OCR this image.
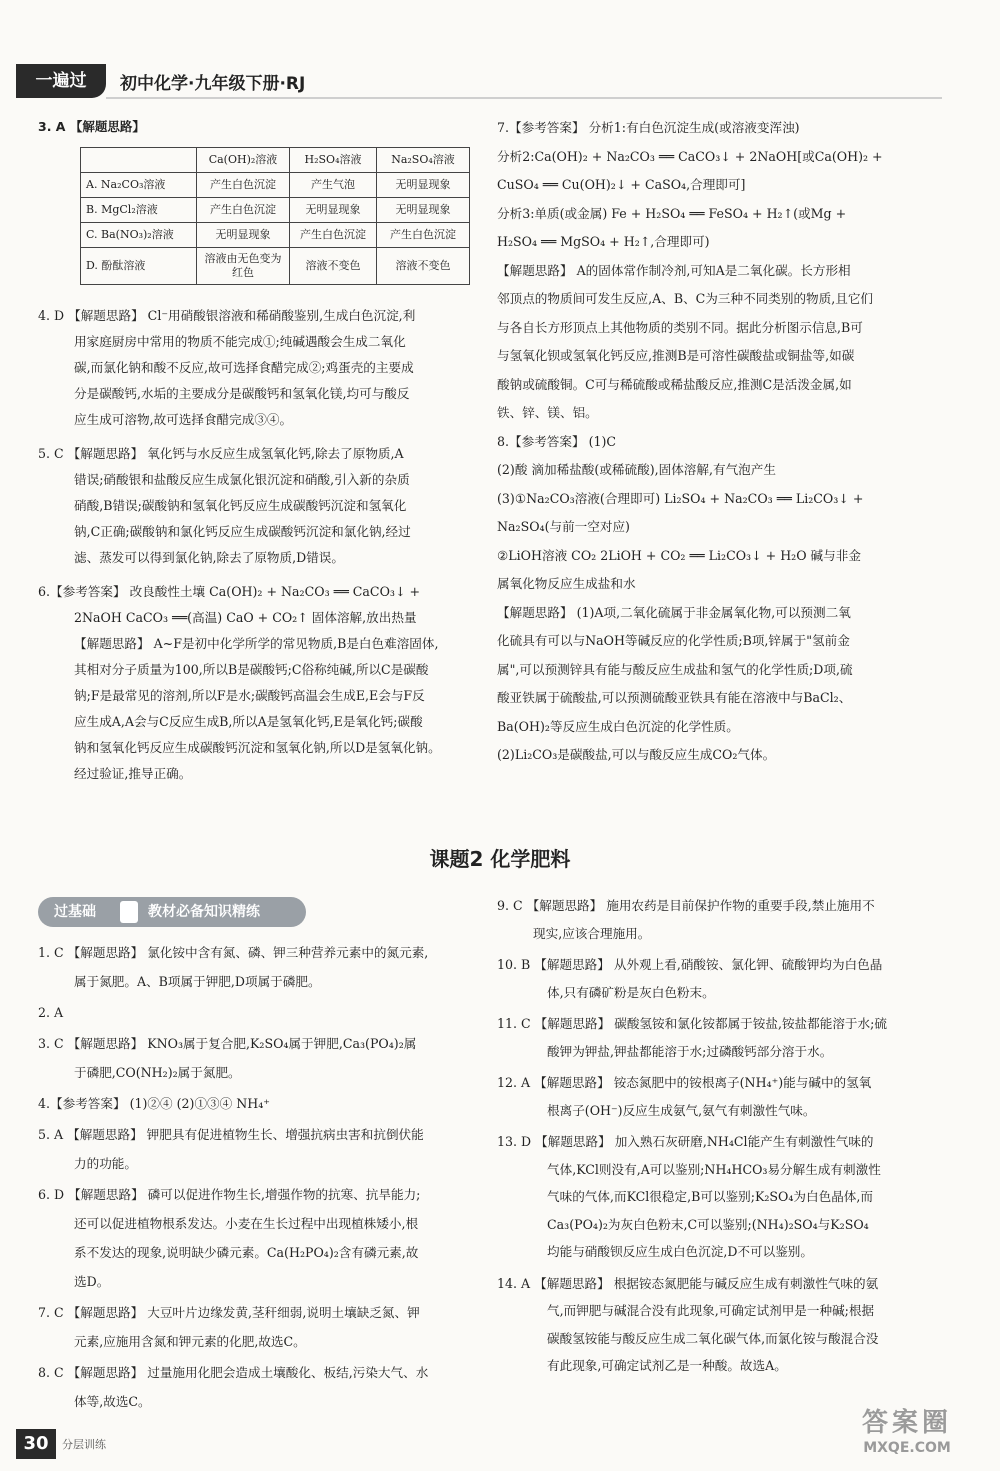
一遍过	初中化学·九年级下册·RJ

3. A 【解题思路】

	Ca(OH)₂溶液	H₂SO₄溶液	Na₂SO₄溶液
A. Na₂CO₃溶液	产生白色沉淀	产生气泡	无明显现象
B. MgCl₂溶液	产生白色沉淀	无明显现象	无明显现象
C. Ba(NO₃)₂溶液	无明显现象	产生白色沉淀	产生白色沉淀
D. 酚酞溶液	溶液由无色变为红色	溶液不变色	溶液不变色

4. D 【解题思路】 Cl⁻用硝酸银溶液和稀硝酸鉴别,生成白色沉淀,利

用家庭厨房中常用的物质不能完成①;纯碱遇酸会生成二氧化

碳,而氯化钠和酸不反应,故可选择食醋完成②;鸡蛋壳的主要成

分是碳酸钙,水垢的主要成分是碳酸钙和氢氧化镁,均可与酸反

应生成可溶物,故可选择食醋完成③④。

5. C 【解题思路】 氧化钙与水反应生成氢氧化钙,除去了原物质,A

错误;硝酸银和盐酸反应生成氯化银沉淀和硝酸,引入新的杂质

硝酸,B错误;碳酸钠和氢氧化钙反应生成碳酸钙沉淀和氢氧化

钠,C正确;碳酸钠和氯化钙反应生成碳酸钙沉淀和氯化钠,经过

滤、蒸发可以得到氯化钠,除去了原物质,D错误。

6.【参考答案】 改良酸性土壤 Ca(OH)₂ + Na₂CO₃ ══ CaCO₃↓ +

2NaOH CaCO₃ ══(高温) CaO + CO₂↑ 固体溶解,放出热量

【解题思路】 A~F是初中化学所学的常见物质,B是白色难溶固体,

其相对分子质量为100,所以B是碳酸钙;C俗称纯碱,所以C是碳酸

钠;F是最常见的溶剂,所以F是水;碳酸钙高温会生成E,E会与F反

应生成A,A会与C反应生成B,所以A是氢氧化钙,E是氧化钙;碳酸

钠和氢氧化钙反应生成碳酸钙沉淀和氢氧化钠,所以D是氢氧化钠。

经过验证,推导正确。

7.【参考答案】 分析1:有白色沉淀生成(或溶液变浑浊)

分析2:Ca(OH)₂ + Na₂CO₃ ══ CaCO₃↓ + 2NaOH[或Ca(OH)₂ +

CuSO₄ ══ Cu(OH)₂↓ + CaSO₄,合理即可]

分析3:单质(或金属) Fe + H₂SO₄ ══ FeSO₄ + H₂↑(或Mg +

H₂SO₄ ══ MgSO₄ + H₂↑,合理即可)

【解题思路】 A的固体常作制冷剂,可知A是二氧化碳。长方形相

邻顶点的物质间可发生反应,A、B、C为三种不同类别的物质,且它们

与各自长方形顶点上其他物质的类别不同。据此分析图示信息,B可

与氢氧化钡或氢氧化钙反应,推测B是可溶性碳酸盐或铜盐等,如碳

酸钠或硫酸铜。C可与稀硫酸或稀盐酸反应,推测C是活泼金属,如

铁、锌、镁、铝。

8.【参考答案】 (1)C

(2)酸 滴加稀盐酸(或稀硫酸),固体溶解,有气泡产生

(3)①Na₂CO₃溶液(合理即可) Li₂SO₄ + Na₂CO₃ ══ Li₂CO₃↓ +

Na₂SO₄(与前一空对应)

②LiOH溶液 CO₂ 2LiOH + CO₂ ══ Li₂CO₃↓ + H₂O 碱与非金

属氧化物反应生成盐和水

【解题思路】 (1)A项,二氧化硫属于非金属氧化物,可以预测二氧

化硫具有可以与NaOH等碱反应的化学性质;B项,锌属于"氢前金

属",可以预测锌具有能与酸反应生成盐和氢气的化学性质;D项,硫

酸亚铁属于硫酸盐,可以预测硫酸亚铁具有能在溶液中与BaCl₂、

Ba(OH)₂等反应生成白色沉淀的化学性质。

(2)Li₂CO₃是碳酸盐,可以与酸反应生成CO₂气体。

课题2 化学肥料
过基础	教材必备知识精练

1. C 【解题思路】 氯化铵中含有氮、磷、钾三种营养元素中的氮元素,

属于氮肥。A、B项属于钾肥,D项属于磷肥。

2. A

3. C 【解题思路】 KNO₃属于复合肥,K₂SO₄属于钾肥,Ca₃(PO₄)₂属

于磷肥,CO(NH₂)₂属于氮肥。

4.【参考答案】 (1)②④ (2)①③④ NH₄⁺

5. A 【解题思路】 钾肥具有促进植物生长、增强抗病虫害和抗倒伏能

力的功能。

6. D 【解题思路】 磷可以促进作物生长,增强作物的抗寒、抗旱能力;

还可以促进植物根系发达。小麦在生长过程中出现植株矮小,根

系不发达的现象,说明缺少磷元素。Ca(H₂PO₄)₂含有磷元素,故

选D。

7. C 【解题思路】 大豆叶片边缘发黄,茎秆细弱,说明土壤缺乏氮、钾

元素,应施用含氮和钾元素的化肥,故选C。

8. C 【解题思路】 过量施用化肥会造成土壤酸化、板结,污染大气、水

体等,故选C。

9. C 【解题思路】 施用农药是目前保护作物的重要手段,禁止施用不

现实,应该合理施用。

10. B 【解题思路】 从外观上看,硝酸铵、氯化钾、硫酸钾均为白色晶

体,只有磷矿粉是灰白色粉末。

11. C 【解题思路】 碳酸氢铵和氯化铵都属于铵盐,铵盐都能溶于水;硫

酸钾为钾盐,钾盐都能溶于水;过磷酸钙部分溶于水。

12. A 【解题思路】 铵态氮肥中的铵根离子(NH₄⁺)能与碱中的氢氧

根离子(OH⁻)反应生成氨气,氨气有刺激性气味。

13. D 【解题思路】 加入熟石灰研磨,NH₄Cl能产生有刺激性气味的

气体,KCl则没有,A可以鉴别;NH₄HCO₃易分解生成有刺激性

气味的气体,而KCl很稳定,B可以鉴别;K₂SO₄为白色晶体,而

Ca₃(PO₄)₂为灰白色粉末,C可以鉴别;(NH₄)₂SO₄与K₂SO₄

均能与硝酸钡反应生成白色沉淀,D不可以鉴别。

14. A 【解题思路】 根据铵态氮肥能与碱反应生成有刺激性气味的氨

气,而钾肥与碱混合没有此现象,可确定试剂甲是一种碱;根据

碳酸氢铵能与酸反应生成二氧化碳气体,而氯化铵与酸混合没

有此现象,可确定试剂乙是一种酸。故选A。

30	分层训练
答案圈
MXQE.COM
